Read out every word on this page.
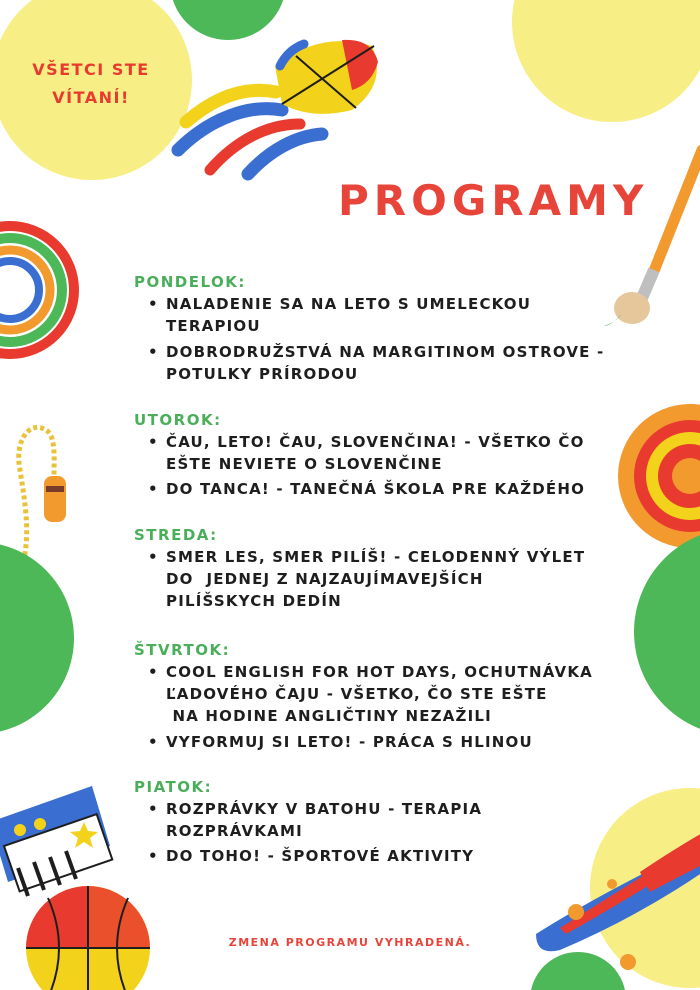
VŠETCI STE
VÍTANÍ!
PROGRAMY
PONDELOK:
• NALADENIE SA NA LETO S UMELECKOU
TERAPIOU
• DOBRODRUŽSTVÁ NA MARGITINOM OSTROVE -
POTULKY PRÍRODOU
UTOROK:
• ČAU, LETO! ČAU, SLOVENČINA! - VŠETKO ČO
EŠTE NEVIETE O SLOVENČINE
• DO TANCA! - TANEČNÁ ŠKOLA PRE KAŽDÉHO
STREDA:
• SMER LES, SMER PILÍŠ! - CELODENNÝ VÝLET
DO  JEDNEJ Z NAJZAUJÍMAVEJŠÍCH
PILÍŠSKYCH DEDÍN
ŠTVRTOK:
• COOL ENGLISH FOR HOT DAYS, OCHUTNÁVKA
ĽADOVÉHO ČAJU - VŠETKO, ČO STE EŠTE
NA HODINE ANGLIČTINY NEZAŽILI
• VYFORMUJ SI LETO! - PRÁCA S HLINOU
PIATOK:
• ROZPRÁVKY V BATOHU - TERAPIA
ROZPRÁVKAMI
• DO TOHO! - ŠPORTOVÉ AKTIVITY
ZMENA PROGRAMU VYHRADENÁ.
